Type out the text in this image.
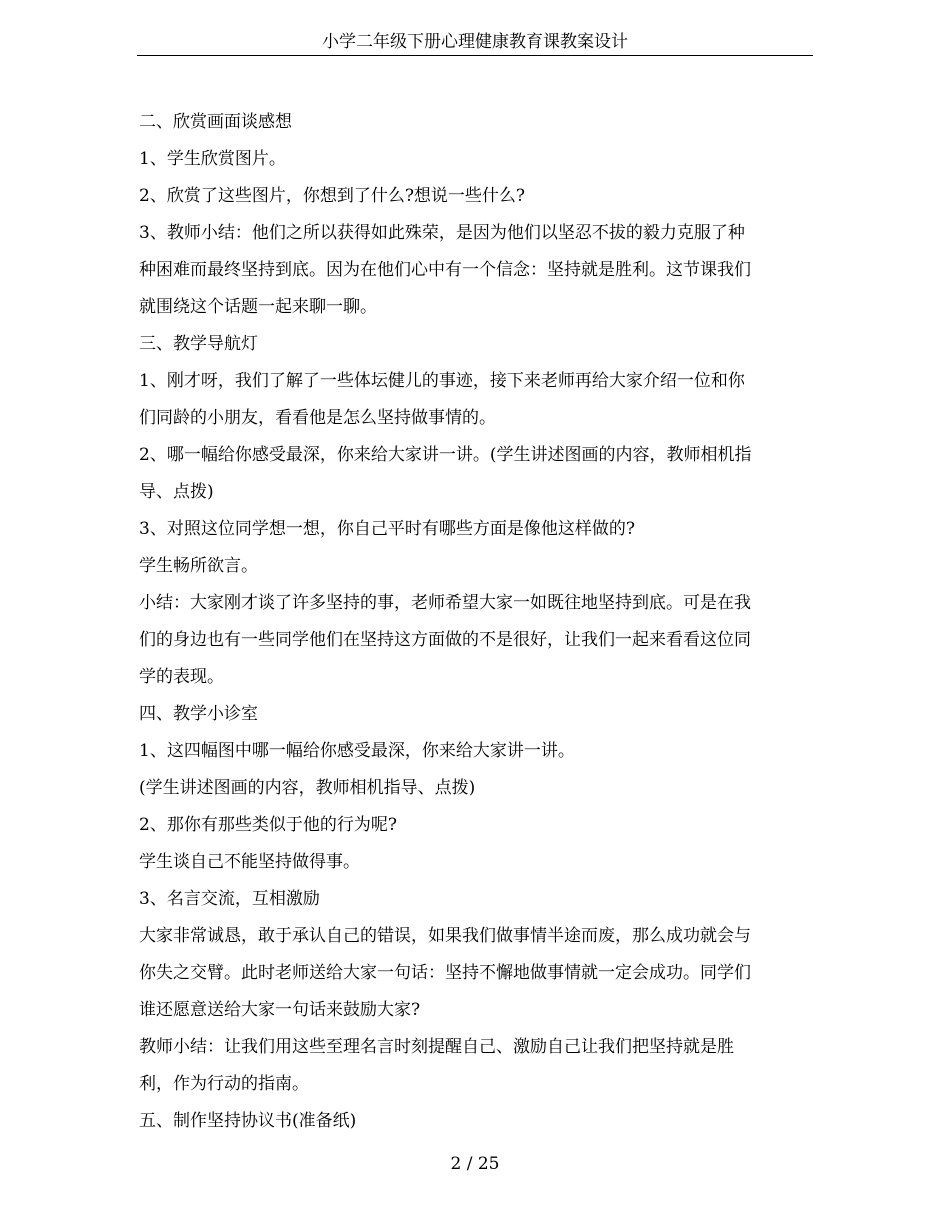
小学二年级下册心理健康教育课教案设计

二、欣赏画面谈感想

1、学生欣赏图片。

2、欣赏了这些图片，你想到了什么?想说一些什么?

3、教师小结：他们之所以获得如此殊荣，是因为他们以坚忍不拔的毅力克服了种

种困难而最终坚持到底。因为在他们心中有一个信念：坚持就是胜利。这节课我们

就围绕这个话题一起来聊一聊。

三、教学导航灯

1、刚才呀，我们了解了一些体坛健儿的事迹，接下来老师再给大家介绍一位和你

们同龄的小朋友，看看他是怎么坚持做事情的。

2、哪一幅给你感受最深，你来给大家讲一讲。(学生讲述图画的内容，教师相机指

导、点拨)

3、对照这位同学想一想，你自己平时有哪些方面是像他这样做的?

学生畅所欲言。

小结：大家刚才谈了许多坚持的事，老师希望大家一如既往地坚持到底。可是在我

们的身边也有一些同学他们在坚持这方面做的不是很好，让我们一起来看看这位同

学的表现。

四、教学小诊室

1、这四幅图中哪一幅给你感受最深，你来给大家讲一讲。

(学生讲述图画的内容，教师相机指导、点拨)

2、那你有那些类似于他的行为呢?

学生谈自己不能坚持做得事。

3、名言交流，互相激励

大家非常诚恳，敢于承认自己的错误，如果我们做事情半途而废，那么成功就会与

你失之交臂。此时老师送给大家一句话：坚持不懈地做事情就一定会成功。同学们

谁还愿意送给大家一句话来鼓励大家?

教师小结：让我们用这些至理名言时刻提醒自己、激励自己让我们把坚持就是胜

利，作为行动的指南。

五、制作坚持协议书(准备纸)

2 / 25
